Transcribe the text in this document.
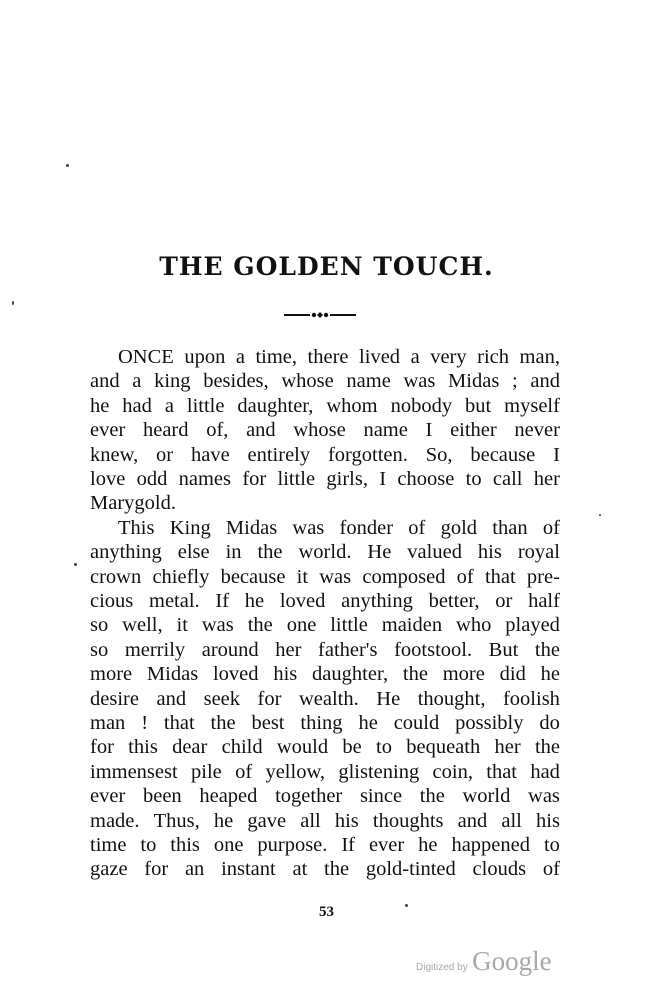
THE GOLDEN TOUCH.
ONCE upon a time, there lived a very rich man,
and a king besides, whose name was Midas ; and
he had a little daughter, whom nobody but myself
ever heard of, and whose name I either never
knew, or have entirely forgotten. So, because I
love odd names for little girls, I choose to call her
Marygold.
This King Midas was fonder of gold than of
anything else in the world. He valued his royal
crown chiefly because it was composed of that pre-
cious metal. If he loved anything better, or half
so well, it was the one little maiden who played
so merrily around her father's footstool. But the
more Midas loved his daughter, the more did he
desire and seek for wealth. He thought, foolish
man ! that the best thing he could possibly do
for this dear child would be to bequeath her the
immensest pile of yellow, glistening coin, that had
ever been heaped together since the world was
made. Thus, he gave all his thoughts and all his
time to this one purpose. If ever he happened to
gaze for an instant at the gold-tinted clouds of
53
Digitized by Google
